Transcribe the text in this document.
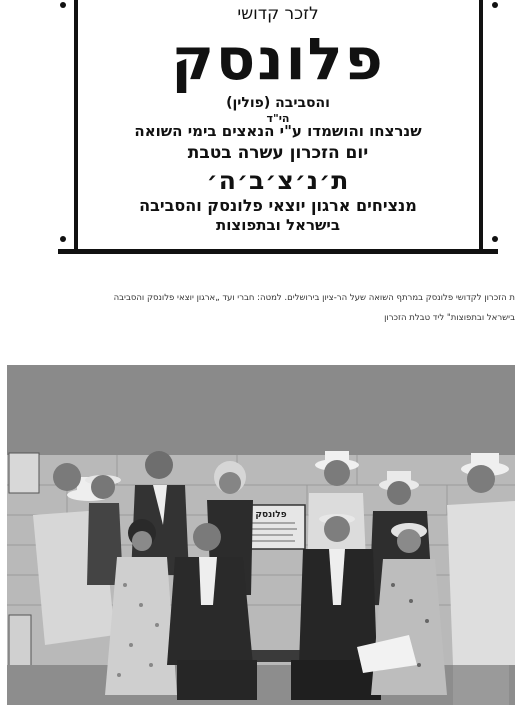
לזכר קדושי
פלונסק
והסביבה (פולין)
הי"ד
שנרצחו והושמדו ע"י הנאצים בימי השואה
יום הזכרון עשרה בטבת
ת׳נ׳צ׳ב׳ה׳
מנציחים ארגון יוצאי פלונסק והסביבה
בישראל ובתפוצות
ת הזכרון לקדושי פלונסק במרתף השואה שעל הר-ציון בירושלים. למטה: חברי ועד „ארגון יוצאי פלונסק והסביבה
בישראל ובתפוצות" ליד טבלת הזכרון
פלונסק
